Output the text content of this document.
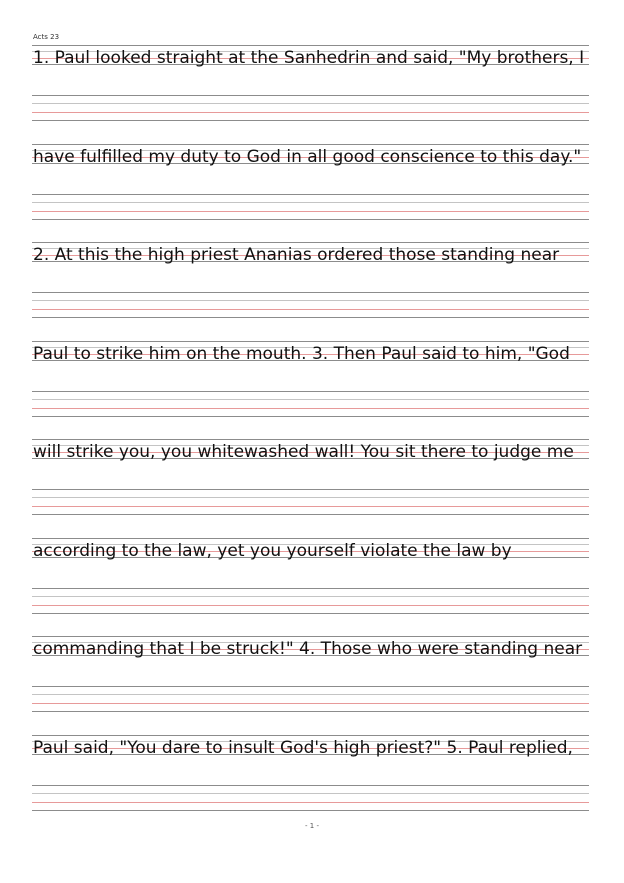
Acts 23
1. Paul looked straight at the Sanhedrin and said, "My brothers, I
have fulfilled my duty to God in all good conscience to this day."
2. At this the high priest Ananias ordered those standing near
Paul to strike him on the mouth. 3. Then Paul said to him, "God
will strike you, you whitewashed wall! You sit there to judge me
according to the law, yet you yourself violate the law by
commanding that I be struck!" 4. Those who were standing near
Paul said, "You dare to insult God's high priest?" 5. Paul replied,
- 1 -
